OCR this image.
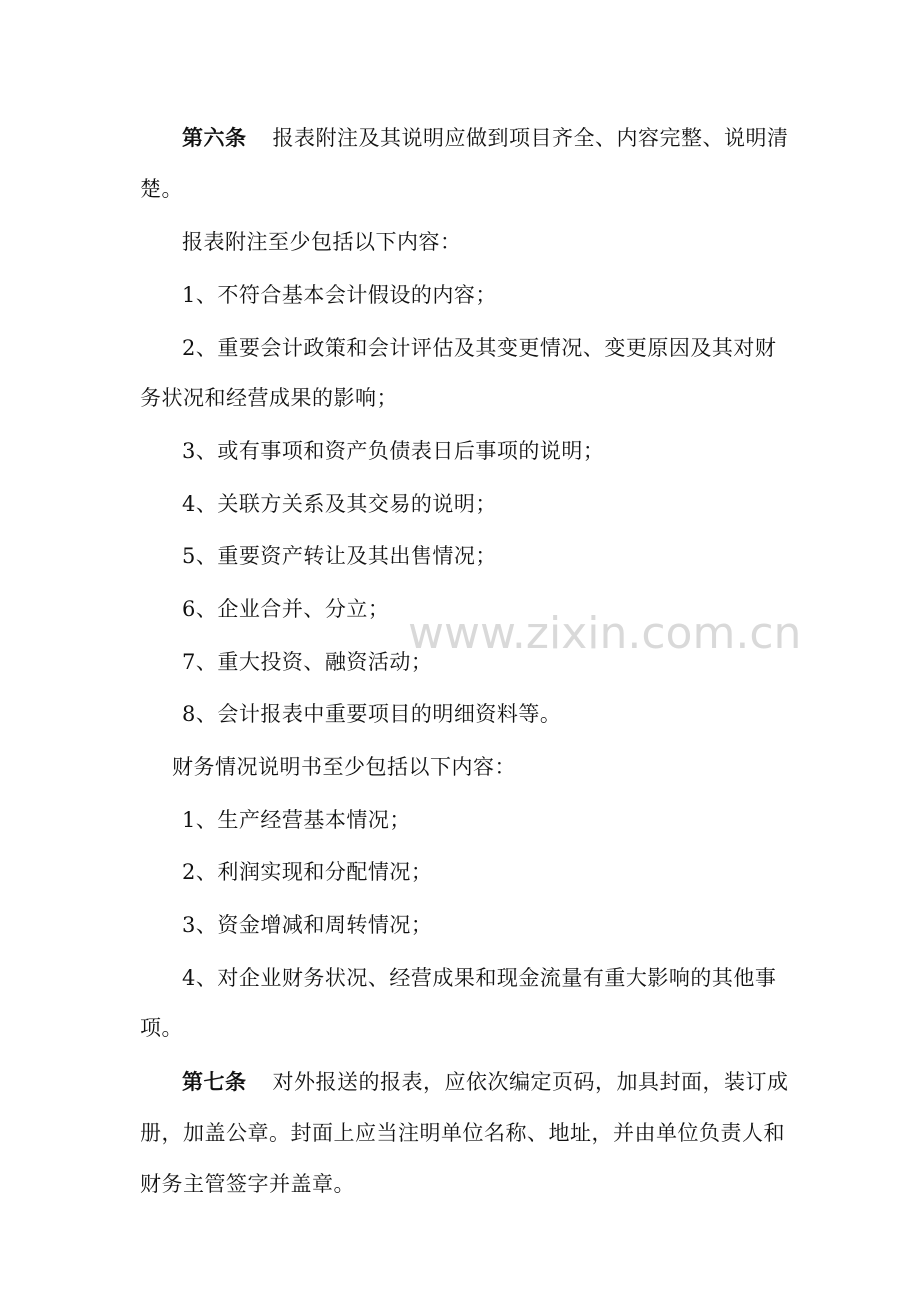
第六条 报表附注及其说明应做到项目齐全、内容完整、说明清
楚。
报表附注至少包括以下内容：
1、不符合基本会计假设的内容；
2、重要会计政策和会计评估及其变更情况、变更原因及其对财
务状况和经营成果的影响；
3、或有事项和资产负债表日后事项的说明；
4、关联方关系及其交易的说明；
5、重要资产转让及其出售情况；
6、企业合并、分立；
7、重大投资、融资活动；
8、会计报表中重要项目的明细资料等。
财务情况说明书至少包括以下内容：
1、生产经营基本情况；
2、利润实现和分配情况；
3、资金增减和周转情况；
4、对企业财务状况、经营成果和现金流量有重大影响的其他事
项。
第七条 对外报送的报表，应依次编定页码，加具封面，装订成
册，加盖公章。封面上应当注明单位名称、地址，并由单位负责人和
财务主管签字并盖章。
www.zixin.com.cn
